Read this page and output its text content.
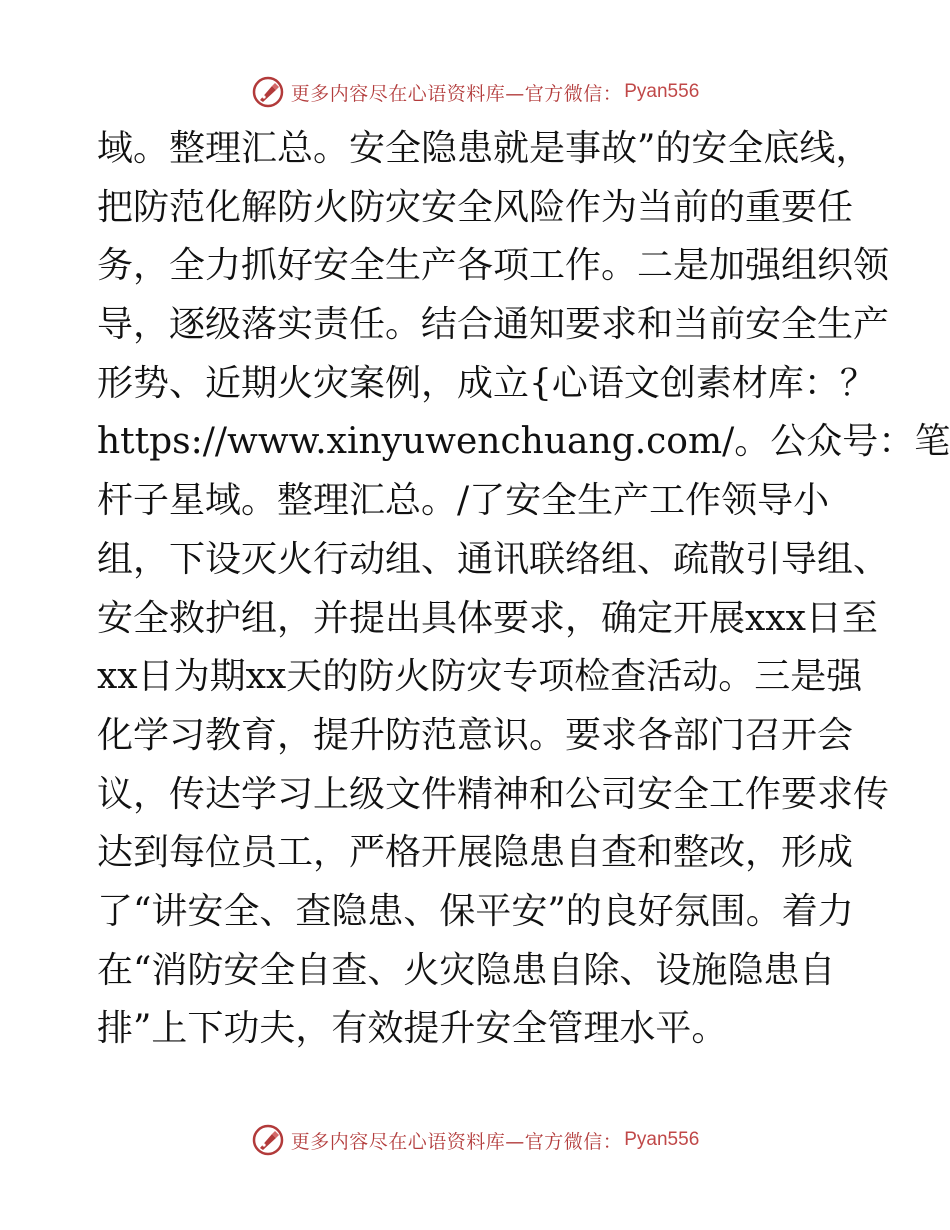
更多内容尽在心语资料库—官方微信： Pyan556
域。整理汇总。安全隐患就是事故”的安全底线，
把防范化解防火防灾安全风险作为当前的重要任
务，全力抓好安全生产各项工作。二是加强组织领
导，逐级落实责任。结合通知要求和当前安全生产
形势、近期火灾案例，成立{心语文创素材库：？
https://www.xinyuwenchuang.com/。公众号：笔
杆子星域。整理汇总。/了安全生产工作领导小
组，下设灭火行动组、通讯联络组、疏散引导组、
安全救护组，并提出具体要求，确定开展xxx日至
xx日为期xx天的防火防灾专项检查活动。三是强
化学习教育，提升防范意识。要求各部门召开会
议，传达学习上级文件精神和公司安全工作要求传
达到每位员工，严格开展隐患自查和整改，形成
了“讲安全、查隐患、保平安”的良好氛围。着力
在“消防安全自查、火灾隐患自除、设施隐患自
排”上下功夫，有效提升安全管理水平。
更多内容尽在心语资料库—官方微信： Pyan556
